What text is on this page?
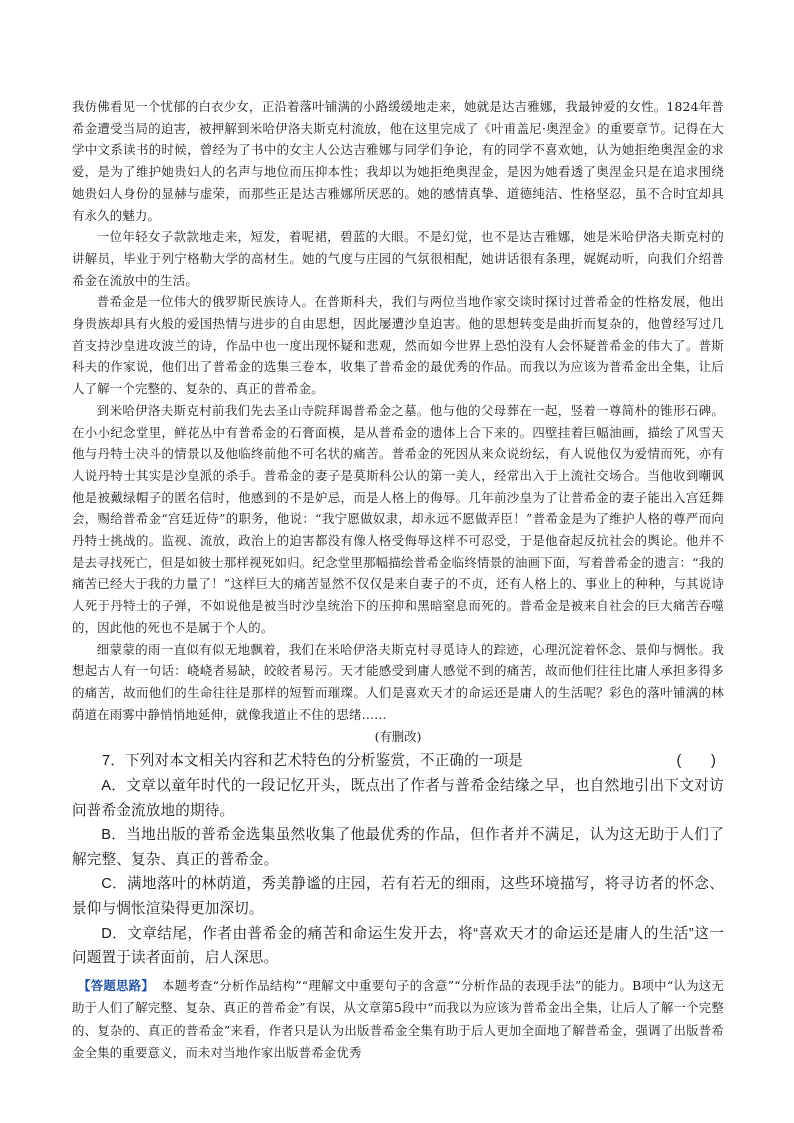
我仿佛看见一个忧郁的白衣少女，正沿着落叶铺满的小路缓缓地走来，她就是达吉雅娜，我最钟爱的女性。1824年普希金遭受当局的迫害，被押解到米哈伊洛夫斯克村流放，他在这里完成了《叶甫盖尼·奥涅金》的重要章节。记得在大学中文系读书的时候，曾经为了书中的女主人公达吉雅娜与同学们争论，有的同学不喜欢她，认为她拒绝奥涅金的求爱，是为了维护她贵妇人的名声与地位而压抑本性；我却以为她拒绝奥涅金，是因为她看透了奥涅金只是在追求围绕她贵妇人身份的显赫与虚荣，而那些正是达吉雅娜所厌恶的。她的感情真挚、道德纯洁、性格坚忍，虽不合时宜却具有永久的魅力。

一位年轻女子款款地走来，短发，着呢裙，碧蓝的大眼。不是幻觉，也不是达吉雅娜，她是米哈伊洛夫斯克村的讲解员，毕业于列宁格勒大学的高材生。她的气度与庄园的气氛很相配，她讲话很有条理，娓娓动听，向我们介绍普希金在流放中的生活。

普希金是一位伟大的俄罗斯民族诗人。在普斯科夫，我们与两位当地作家交谈时探讨过普希金的性格发展，他出身贵族却具有火般的爱国热情与进步的自由思想，因此屡遭沙皇迫害。他的思想转变是曲折而复杂的，他曾经写过几首支持沙皇进攻波兰的诗，作品中也一度出现怀疑和悲观，然而如今世界上恐怕没有人会怀疑普希金的伟大了。普斯科夫的作家说，他们出了普希金的选集三卷本，收集了普希金的最优秀的作品。而我以为应该为普希金出全集，让后人了解一个完整的、复杂的、真正的普希金。

到米哈伊洛夫斯克村前我们先去圣山寺院拜谒普希金之墓。他与他的父母葬在一起，竖着一尊简朴的锥形石碑。在小小纪念堂里，鲜花丛中有普希金的石膏面模，是从普希金的遗体上合下来的。四壁挂着巨幅油画，描绘了风雪天他与丹特士决斗的情景以及他临终前他不可名状的痛苦。普希金的死因从来众说纷纭，有人说他仅为爱情而死，亦有人说丹特士其实是沙皇派的杀手。普希金的妻子是莫斯科公认的第一美人，经常出入于上流社交场合。当他收到嘲讽他是被戴绿帽子的匿名信时，他感到的不是妒忌，而是人格上的侮辱。几年前沙皇为了让普希金的妻子能出入宫廷舞会，赐给普希金“宫廷近侍”的职务，他说：“我宁愿做奴隶，却永远不愿做弄臣！”普希金是为了维护人格的尊严而向丹特士挑战的。监视、流放，政治上的迫害都没有像人格受侮辱这样不可忍受，于是他奋起反抗社会的舆论。他并不是去寻找死亡，但是如彼士那样视死如归。纪念堂里那幅描绘普希金临终情景的油画下面，写着普希金的遗言：“我的痛苦已经大于我的力量了！”这样巨大的痛苦显然不仅仅是来自妻子的不贞，还有人格上的、事业上的种种，与其说诗人死于丹特士的子弹，不如说他是被当时沙皇统治下的压抑和黑暗窒息而死的。普希金是被来自社会的巨大痛苦吞噬的，因此他的死也不是属于个人的。

细蒙蒙的雨一直似有似无地飘着，我们在米哈伊洛夫斯克村寻觅诗人的踪迹，心理沉淀着怀念、景仰与惆怅。我想起古人有一句话：峣峣者易缺，皎皎者易污。天才能感受到庸人感觉不到的痛苦，故而他们往往比庸人承担多得多的痛苦，故而他们的生命往往是那样的短暂而璀璨。人们是喜欢天才的命运还是庸人的生活呢？彩色的落叶铺满的林荫道在雨雾中静悄悄地延伸，就像我道止不住的思绪……

(有删改)

7．下列对本文相关内容和艺术特色的分析鉴赏，不正确的一项是	(　　)

A．文章以童年时代的一段记忆开头，既点出了作者与普希金结缘之早，也自然地引出下文对访问普希金流放地的期待。

B．当地出版的普希金选集虽然收集了他最优秀的作品，但作者并不满足，认为这无助于人们了解完整、复杂、真正的普希金。

C．满地落叶的林荫道，秀美静谧的庄园，若有若无的细雨，这些环境描写，将寻访者的怀念、景仰与惆怅渲染得更加深切。

D．文章结尾，作者由普希金的痛苦和命运生发开去，将“喜欢天才的命运还是庸人的生活”这一问题置于读者面前，启人深思。

【答题思路】 本题考查“分析作品结构”“理解文中重要句子的含意”“分析作品的表现手法”的能力。B项中“认为这无助于人们了解完整、复杂、真正的普希金”有误，从文章第5段中“而我以为应该为普希金出全集，让后人了解一个完整的、复杂的、真正的普希金”来看，作者只是认为出版普希金全集有助于后人更加全面地了解普希金，强调了出版普希金全集的重要意义，而未对当地作家出版普希金优秀
